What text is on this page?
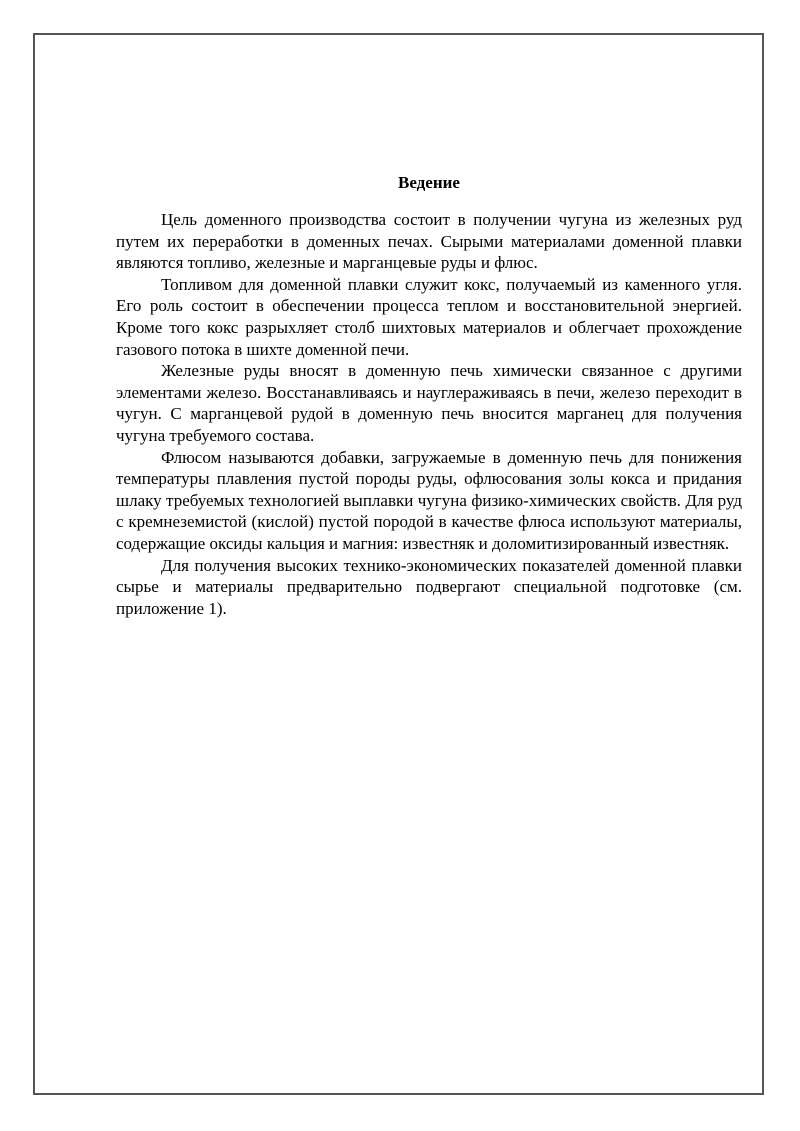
Ведение

Цель доменного производства состоит в получении чугуна из железных руд путем их переработки в доменных печах. Сырыми материалами доменной плавки являются топливо, железные и марганцевые руды и флюс.

Топливом для доменной плавки служит кокс, получаемый из каменного угля. Его роль состоит в обеспечении процесса теплом и восстановительной энергией. Кроме того кокс разрыхляет столб шихтовых материалов и облегчает прохождение газового потока в шихте доменной печи.

Железные руды вносят в доменную печь химически связанное с другими элементами железо. Восстанавливаясь и науглераживаясь в печи, железо переходит в чугун. С марганцевой рудой в доменную печь вносится марганец для получения чугуна требуемого состава.

Флюсом называются добавки, загружаемые в доменную печь для понижения температуры плавления пустой породы руды, офлюсования золы кокса и придания шлаку требуемых технологией выплавки чугуна физико-химических свойств. Для руд с кремнеземистой (кислой) пустой породой в качестве флюса используют материалы, содержащие оксиды кальция и магния: известняк и доломитизированный известняк.

Для получения высоких технико-экономических показателей доменной плавки сырье и материалы предварительно подвергают специальной подготовке (см. приложение 1).
